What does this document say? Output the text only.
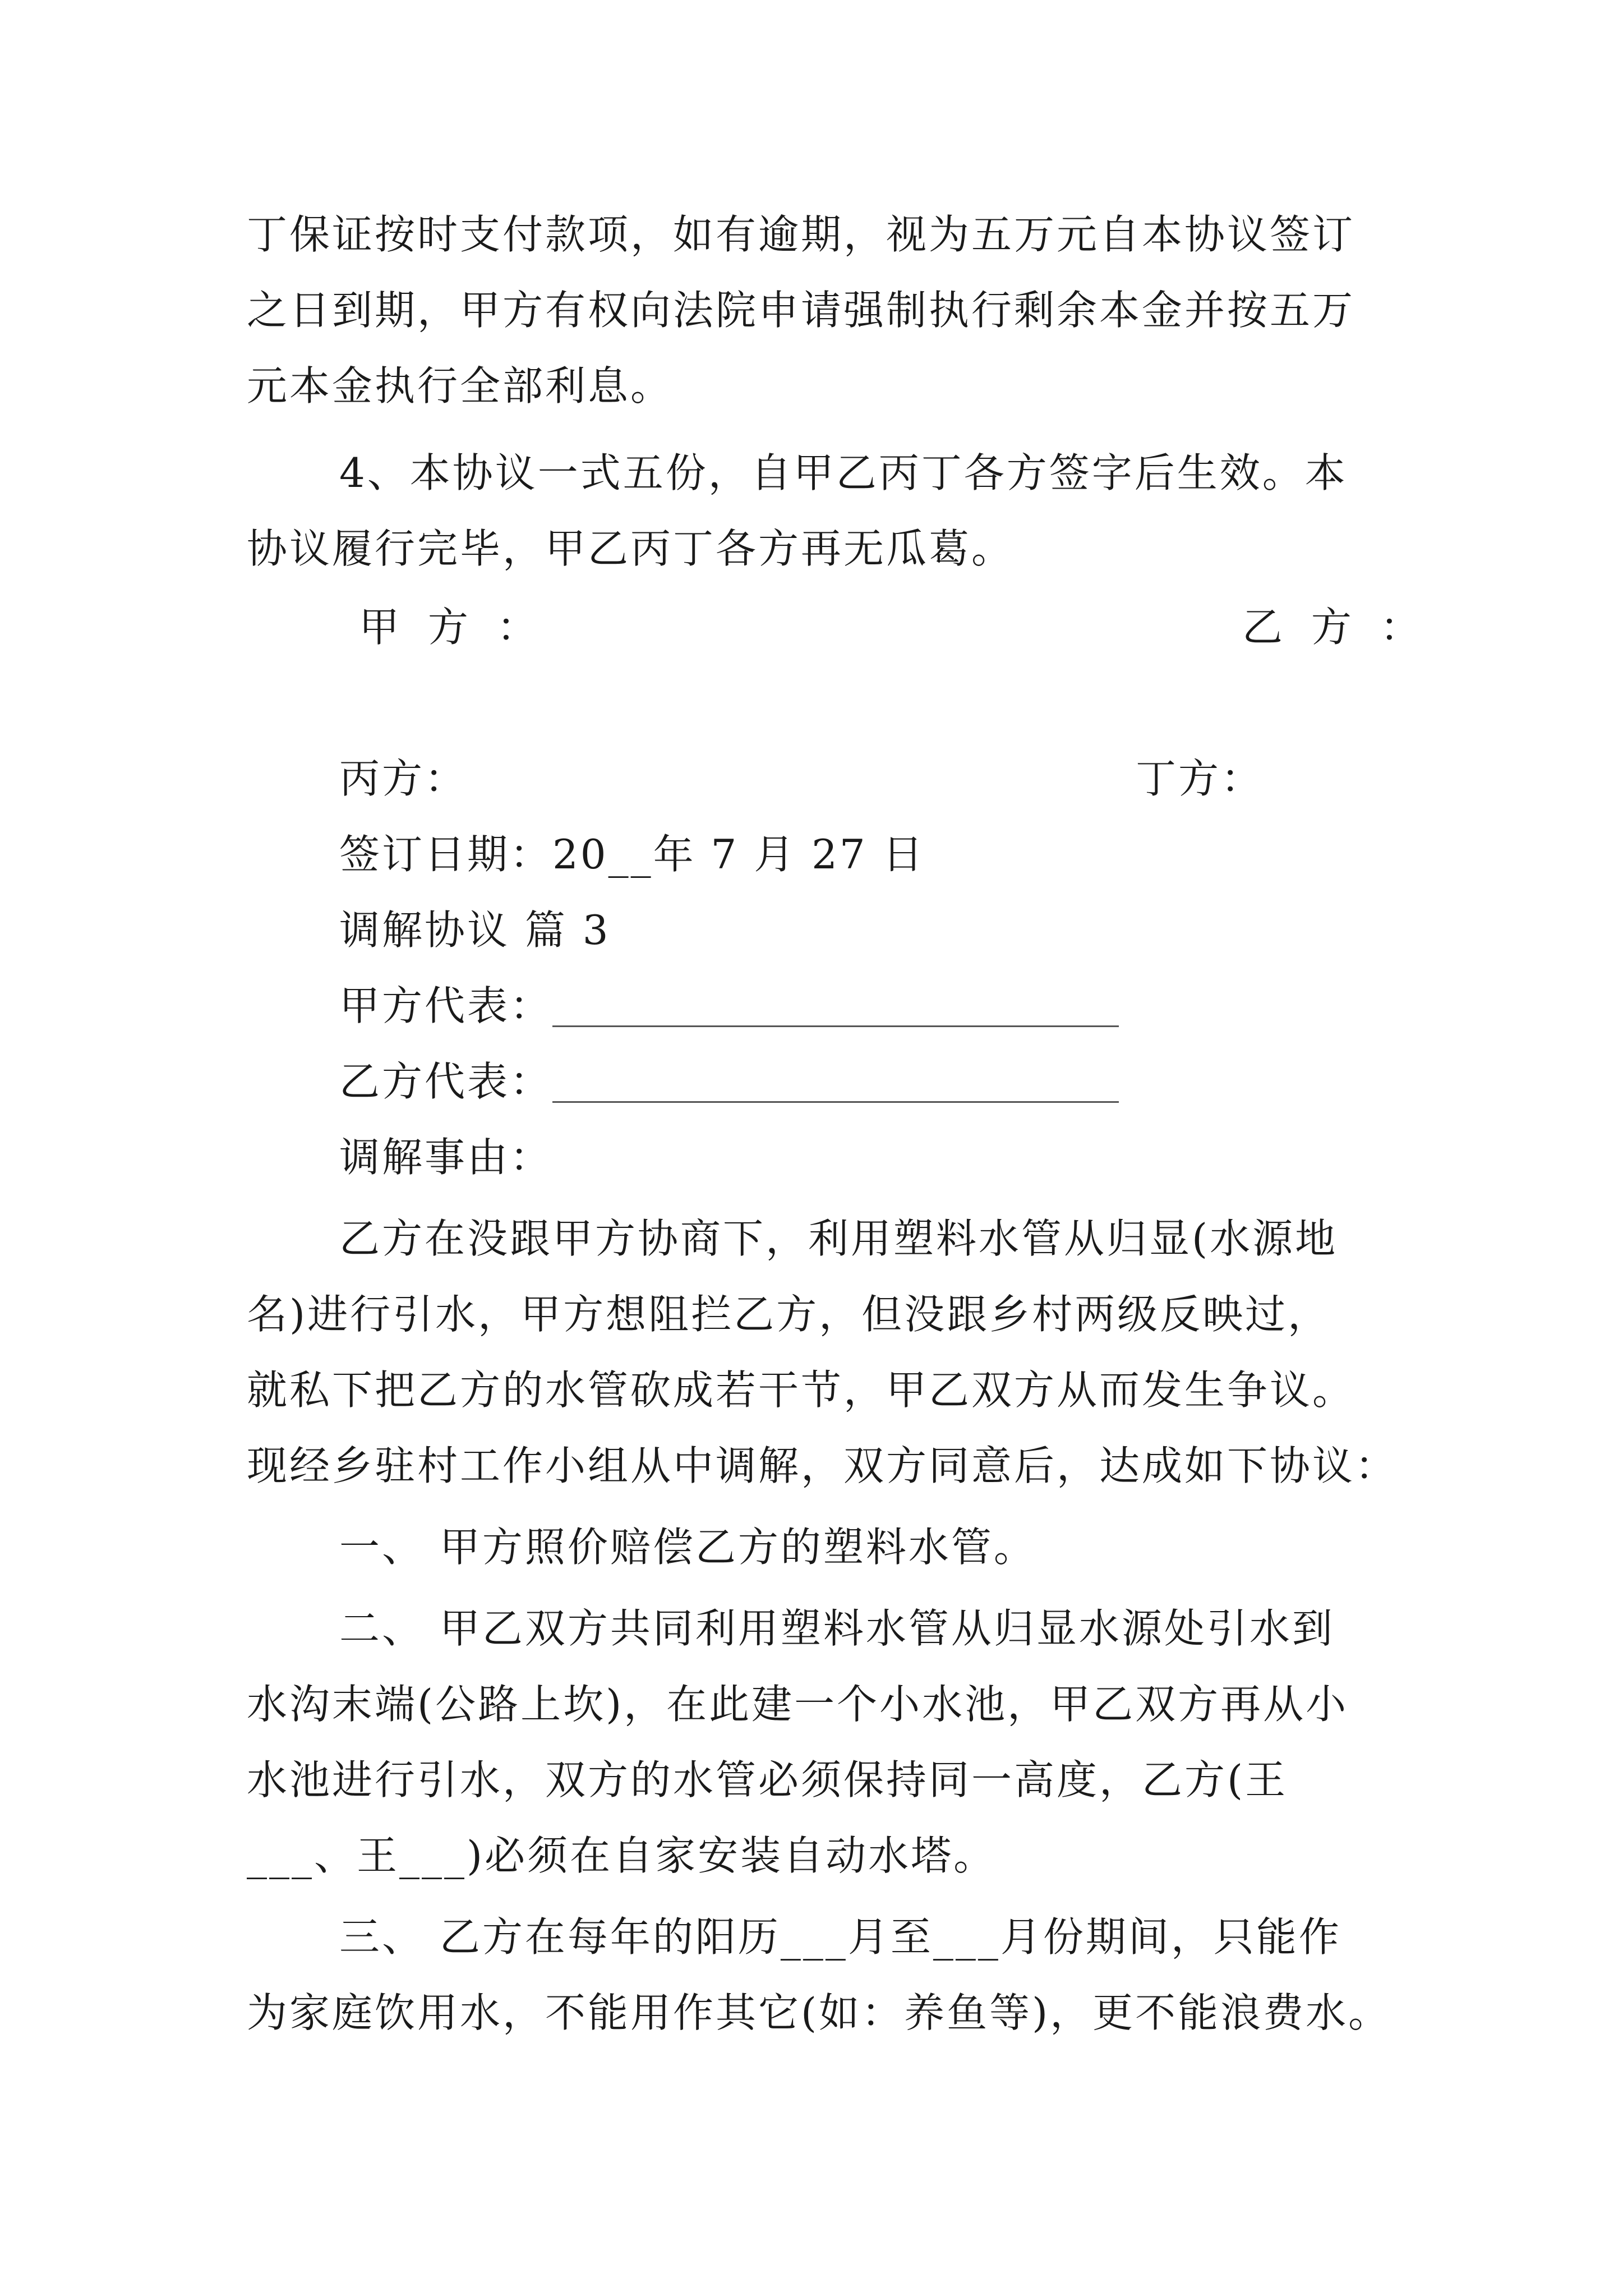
丁保证按时支付款项，如有逾期，视为五万元自本协议签订
之日到期，甲方有权向法院申请强制执行剩余本金并按五万
元本金执行全部利息。
4、本协议一式五份，自甲乙丙丁各方签字后生效。本
协议履行完毕，甲乙丙丁各方再无瓜葛。
甲 方 ：	乙 方 ：
丙方：	丁方：
签订日期：20__年 7 月 27 日
调解协议 篇 3
甲方代表：
乙方代表：
调解事由：
乙方在没跟甲方协商下，利用塑料水管从归显(水源地
名)进行引水，甲方想阻拦乙方，但没跟乡村两级反映过，
就私下把乙方的水管砍成若干节，甲乙双方从而发生争议。
现经乡驻村工作小组从中调解，双方同意后，达成如下协议：
一、 甲方照价赔偿乙方的塑料水管。
二、 甲乙双方共同利用塑料水管从归显水源处引水到
水沟末端(公路上坎)，在此建一个小水池，甲乙双方再从小
水池进行引水，双方的水管必须保持同一高度，乙方(王
___、王___)必须在自家安装自动水塔。
三、 乙方在每年的阳历___月至___月份期间，只能作
为家庭饮用水，不能用作其它(如：养鱼等)，更不能浪费水。
